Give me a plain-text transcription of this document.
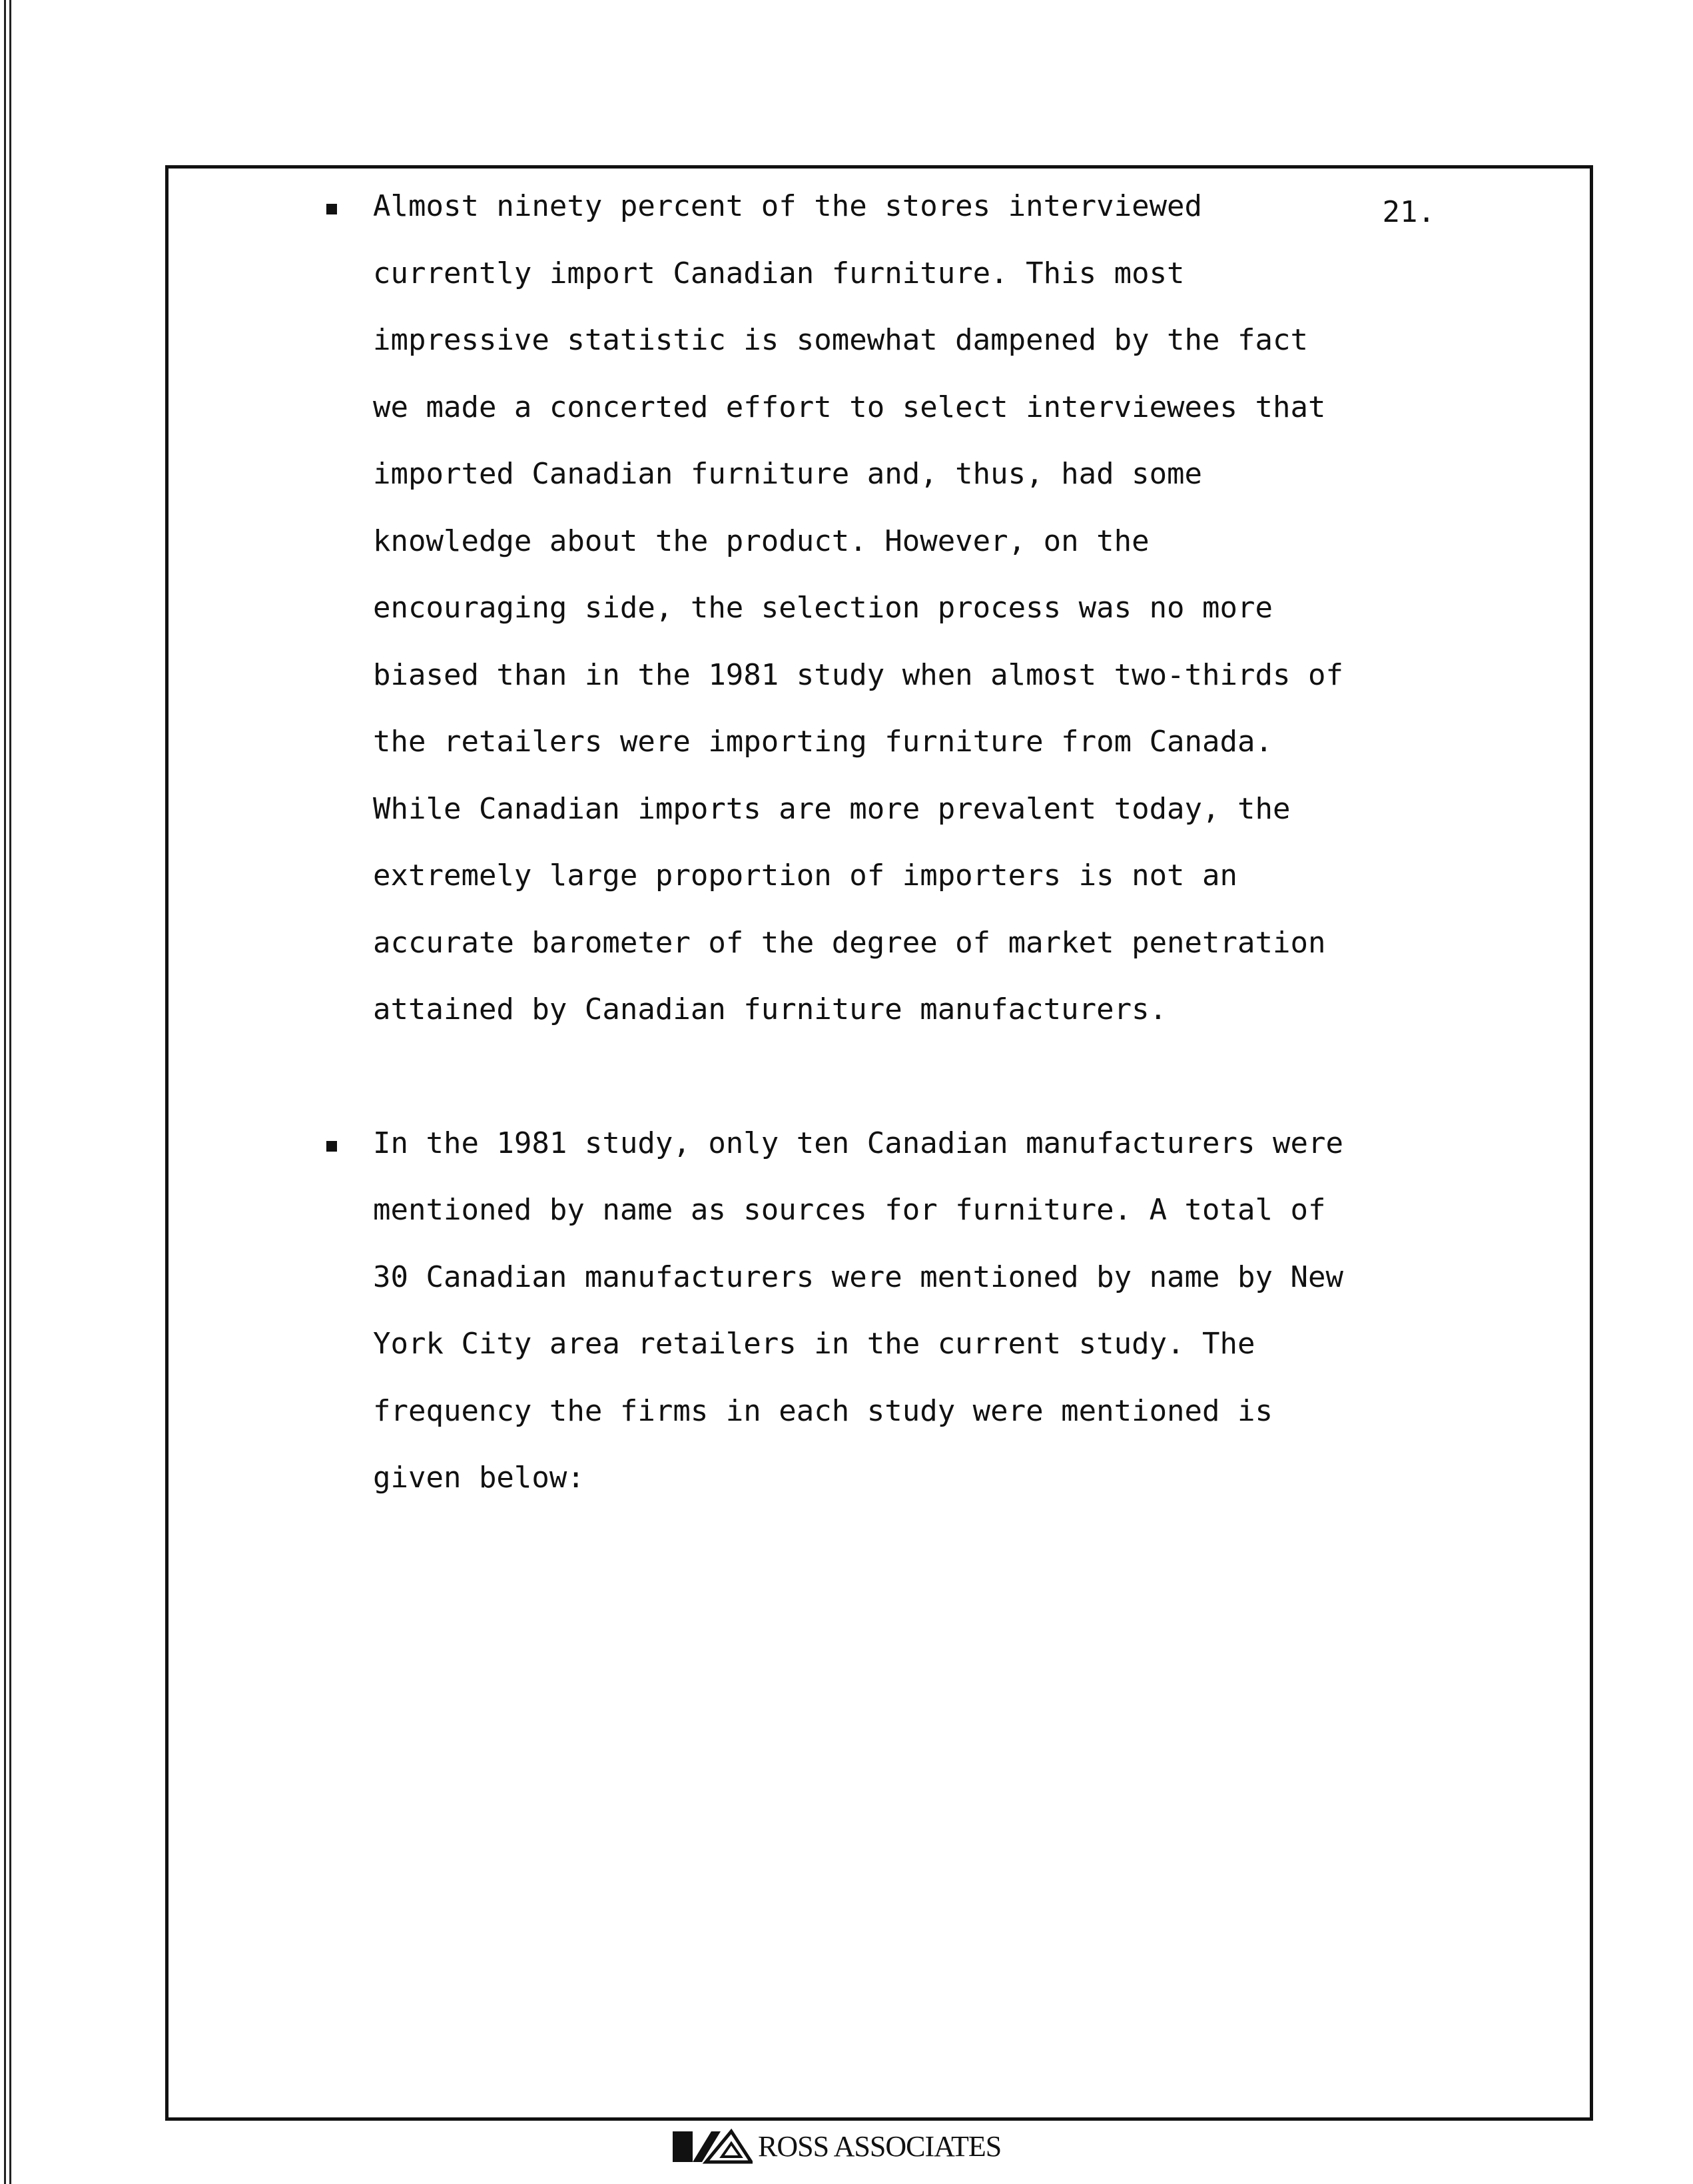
21.

Almost ninety percent of the stores interviewed
currently import Canadian furniture. This most
impressive statistic is somewhat dampened by the fact
we made a concerted effort to select interviewees that
imported Canadian furniture and, thus, had some
knowledge about the product. However, on the
encouraging side, the selection process was no more
biased than in the 1981 study when almost two-thirds of
the retailers were importing furniture from Canada.
While Canadian imports are more prevalent today, the
extremely large proportion of importers is not an
accurate barometer of the degree of market penetration
attained by Canadian furniture manufacturers.

In the 1981 study, only ten Canadian manufacturers were
mentioned by name as sources for furniture. A total of
30 Canadian manufacturers were mentioned by name by New
York City area retailers in the current study. The
frequency the firms in each study were mentioned is
given below:

ROSS ASSOCIATES
